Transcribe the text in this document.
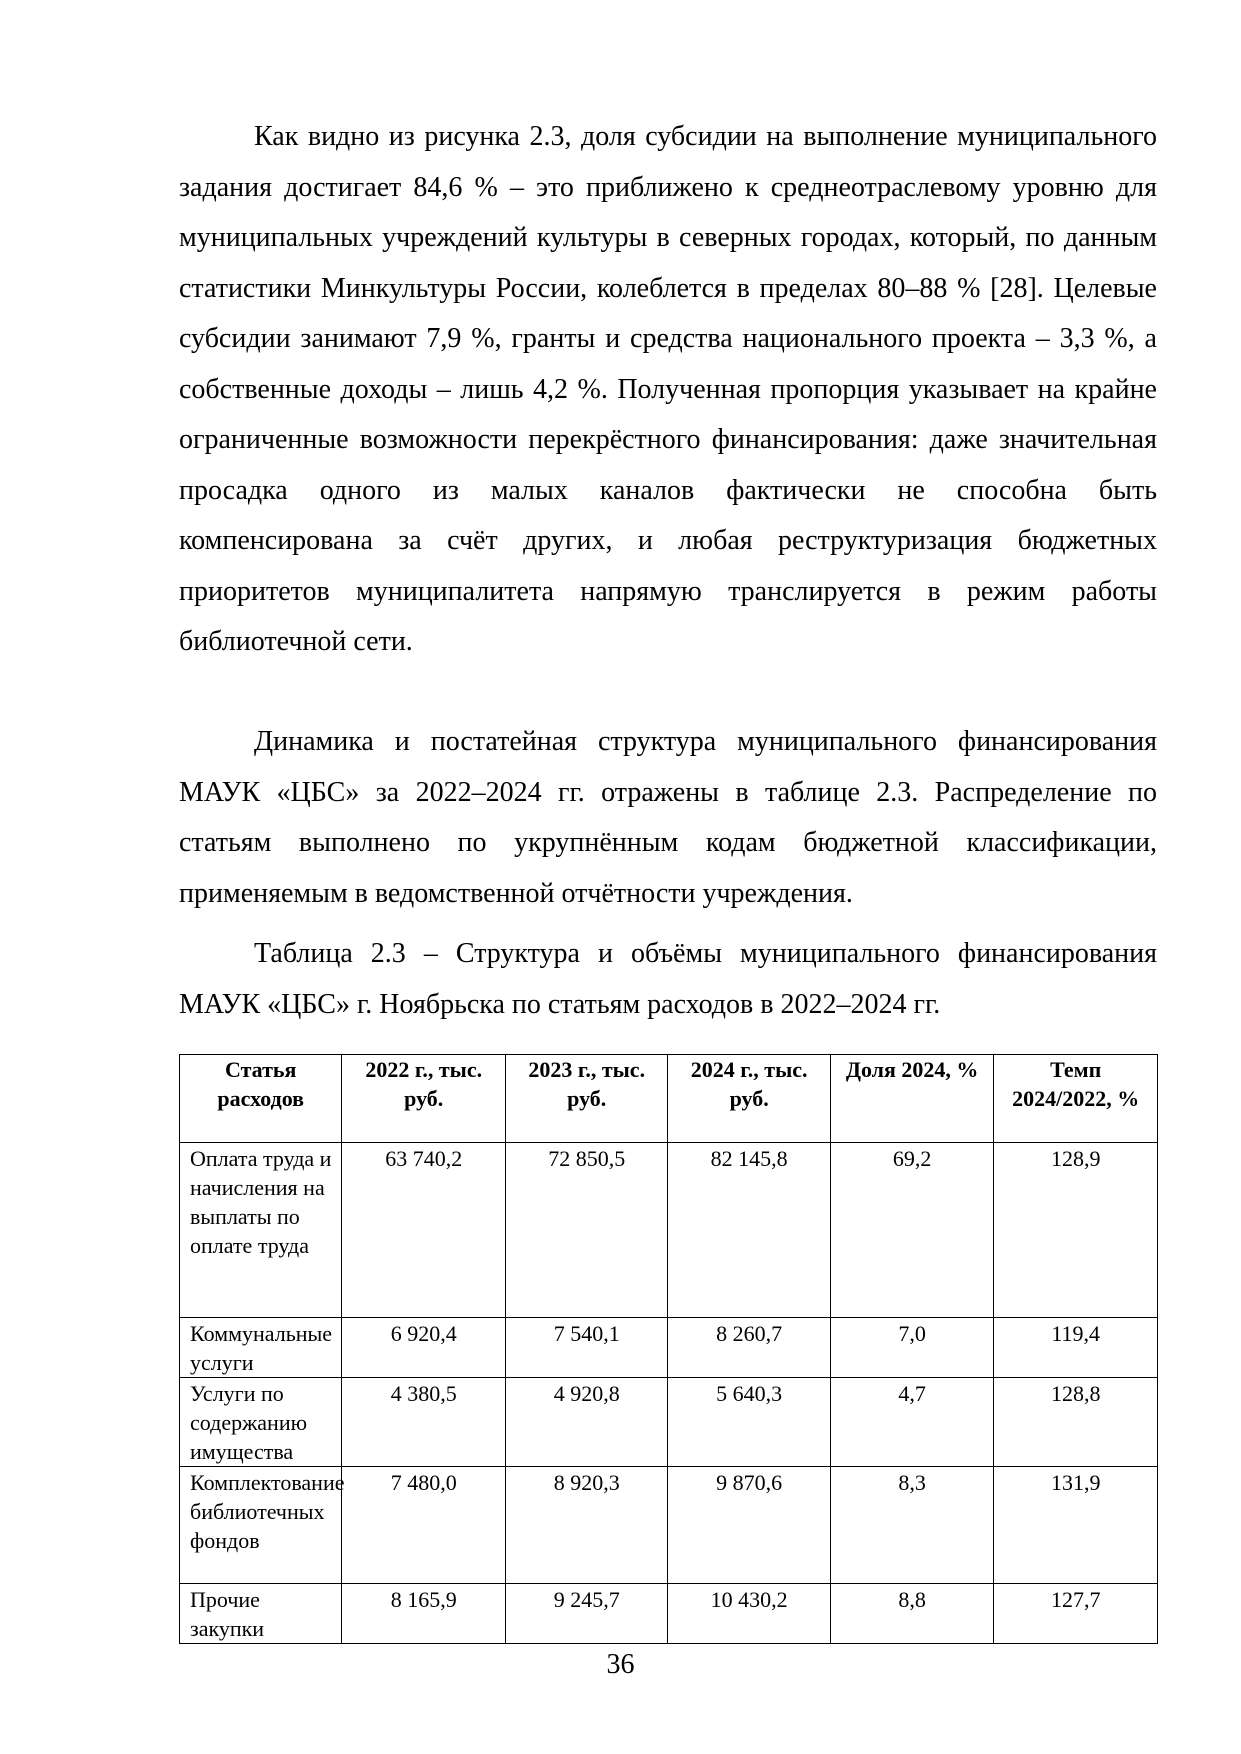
Как видно из рисунка 2.3, доля субсидии на выполнение муниципального задания достигает 84,6 % – это приближено к среднеотраслевому уровню для муниципальных учреждений культуры в северных городах, который, по данным статистики Минкультуры России, колеблется в пределах 80–88 % [28]. Целевые субсидии занимают 7,9 %, гранты и средства национального проекта – 3,3 %, а собственные доходы – лишь 4,2 %. Полученная пропорция указывает на крайне ограниченные возможности перекрёстного финансирования: даже значительная просадка одного из малых каналов фактически не способна быть компенсирована за счёт других, и любая реструктуризация бюджетных приоритетов муниципалитета напрямую транслируется в режим работы библиотечной сети.

Динамика и постатейная структура муниципального финансирования МАУК «ЦБС» за 2022–2024 гг. отражены в таблице 2.3. Распределение по статьям выполнено по укрупнённым кодам бюджетной классификации, применяемым в ведомственной отчётности учреждения.

Таблица 2.3 – Структура и объёмы муниципального финансирования МАУК «ЦБС» г. Ноябрьска по статьям расходов в 2022–2024 гг.

Статья расходов	2022 г., тыс. руб.	2023 г., тыс. руб.	2024 г., тыс. руб.	Доля 2024, %	Темп 2024/2022, %
Оплата труда и начисления на выплаты по оплате труда	63 740,2	72 850,5	82 145,8	69,2	128,9
Коммунальные услуги	6 920,4	7 540,1	8 260,7	7,0	119,4
Услуги по содержанию имущества	4 380,5	4 920,8	5 640,3	4,7	128,8
Комплектование библиотечных фондов	7 480,0	8 920,3	9 870,6	8,3	131,9
Прочие закупки	8 165,9	9 245,7	10 430,2	8,8	127,7
36
